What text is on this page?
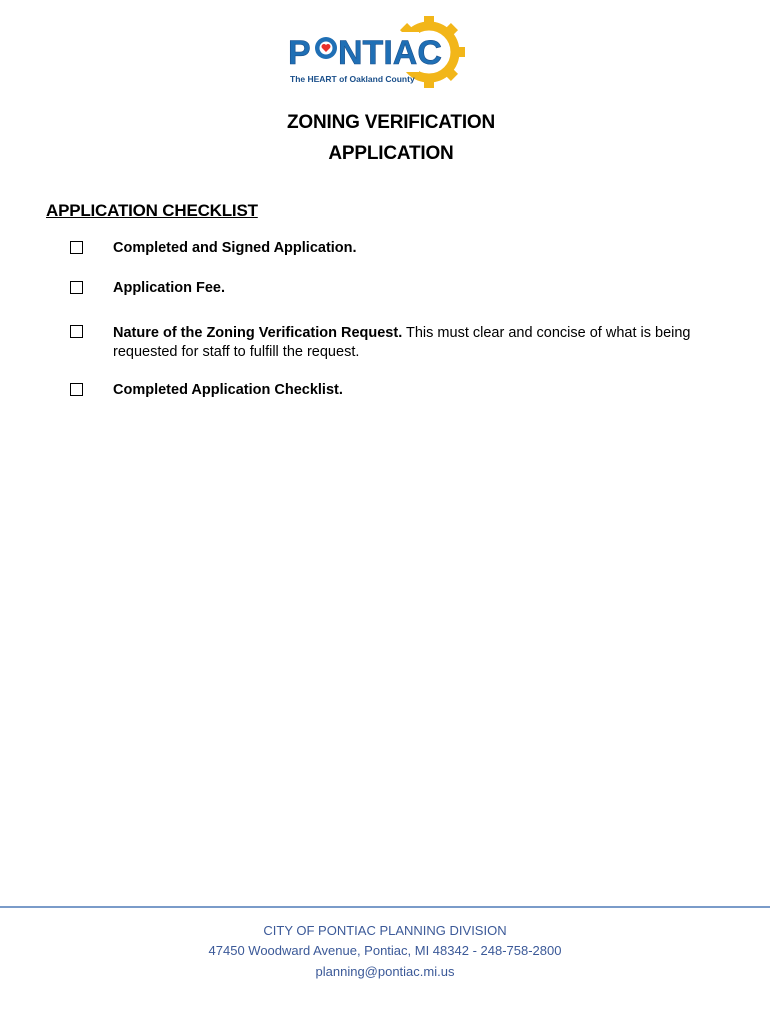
P NTIAC
The HEART of Oakland County
ZONING VERIFICATION
APPLICATION
APPLICATION CHECKLIST
Completed and Signed Application.
Application Fee.
Nature of the Zoning Verification Request. This must clear and concise of what is being requested for staff to fulfill the request.
Completed Application Checklist.
CITY OF PONTIAC PLANNING DIVISION
47450 Woodward Avenue, Pontiac, MI 48342 - 248-758-2800
planning@pontiac.mi.us
